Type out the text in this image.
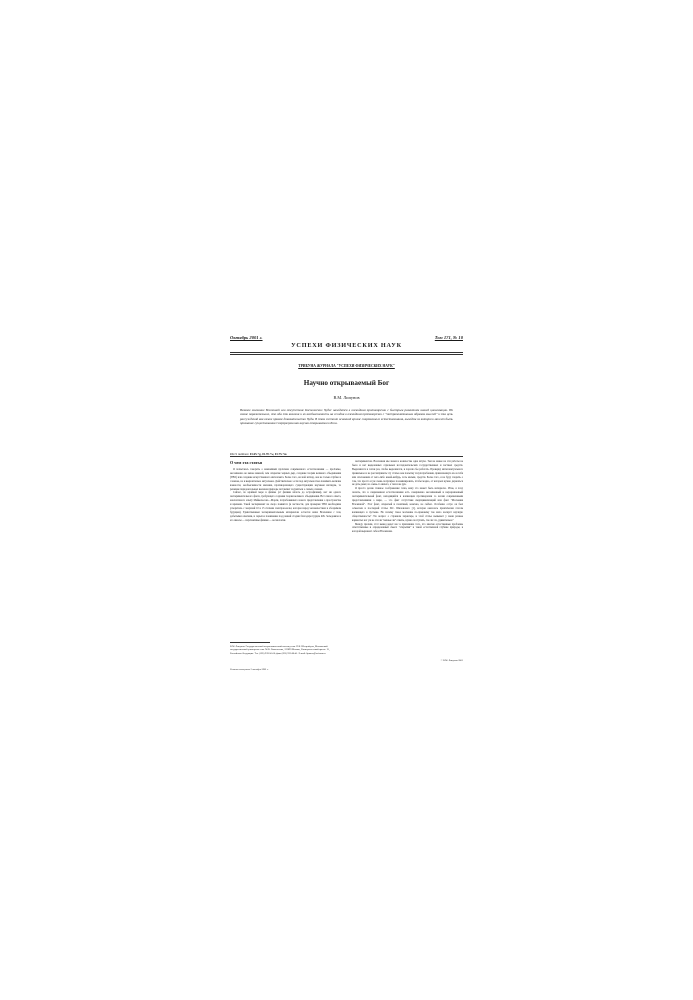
Октябрь 2001 г.
УСПЕХИ ФИЗИЧЕСКИХ НАУК
Том 171, № 10
ТРИБУНА ЖУРНАЛА "УСПЕХИ ФИЗИЧЕСКИХ НАУК"
Научно открываемый Бог
В.М. Липунов
Великое молчание Вселенной или отсутствие Космических Чудес находится в очевидном противоречии с быстрым развитием нашей цивилизации. Но самое поразительное, что оба эти явления и их необъяснимость на сегодня в очевидном противоречии с "экстраполятивным образом мыслей" и эта цепь рассуждений как самое прямое доказательство Чуда. В этом состоит основной кризис современного естествознания, выходом из которого может быть признание существования Сверхразума как научно открываемого Бога.
PACS numbers: 01.65.+g, 01.70.+w, 01.75.+m
О чем эта статья

Я попытаюсь говорить о важнейшей проблеме современного естествознания — проблеме, несомненно не менее важной, чем открытие черных дыр, создание теории великого объединения (ТВО) или создание искусственного интеллекта. Более того, на мой взгляд, она не только глубже и сложнее, но и выразительно актуальнее. Действительно: если под актуальностью понимать величие важности, необъяснимости явления, противоречащего существующим научным взглядам, то решение парадоксальных вызовов природы заставляет задуматься о самых основах.

Сейчас, по крайней мере в физике (от физики вплоть до астрофизики), нет ни одного экспериментального факта, требующего создания теории великого объединения. Нет самого опыта, аналогичного опыту Майкельсона—Морли, потребовавшего нового представления о пространстве и времени. Такой эксперимент не скоро появится (в частности, для проверки ТВО необходима ускоритель с энергией 10 в 15 степени электрон-вольт, которая перед человечеством в обозримом будущем). Единственным экспериментальным материалом остается наша Вселенная с тем, добытыми опытами, и скрытое понимание под ранней стадии благодаря трудам Я.Б. Зельдовича и его школы — перспективы физики — космологии.

В.М. Липунов. Государственный астрономический институт им. П.К. Штернберга, Московский государственный университет им. М.В. Ломоносова, 119899 Москва, Университетский просп. 13, Российская Федерация. Тел. (095) 939-50-06; факс (095) 932-88-41. E-mail: lipunov@sai.msu.ru
Статья поступила 3 октября 2001 г.

экспериментом. Вселенная мы знаем в количестве одна штука. Тем не менее на эти работы не было и нет выделенных отдельных исследовательских государственных и частных средств. Выделяются в сотни раз, чтобы выделяются, и хорошо бы работать. Проверку интеллектуального правильное и не рассматривать эту статью как попытку злоупотребления, привлеченную из-за тебя или отклонения от чего-либо какой-нибудь, хоть малым, средств. Более того, я не буду спорить о том, что просто и уж очень популярно полемизировать, чтобы модно, от которых нужно держаться не дать денег, но очень-то ничего, а там и же рук.

Я просто делаю главное соображение: тема, кому это может быть интересно. Итак, я хочу сказать, что в современном естествознании есть совершенно несомненный и неразрешенный экспериментальный факт, находящийся в вопиющем противоречии со всеми современными представлениями о мире, — это факт отсутствия сверхцивилизаций или факт "Молчания Вселенной". Этот факт, открытый и понятный, конечно, не сейчас. Особенно остро он был осмыслен в последней статье И.С. Шкловского [1], которая оказалась практически гласом вопиющего в пустыне. Но почему такое молчание по-прежнему так мало волнует научную общественность? Это вопрос о странном характере, и этой статье вызывает у меня разные варианты: вот уж не эти ли "вечные ли" ответы, нужно поступить, так ли это, удивительно?

Между прочим, этот вывод ведет нас к признанию того, что многие естественные проблемы ответственные и определенный смысл "открытия" в такой естественной глубине природы, в которой выражает себя и Вселенная.

© В.М. Липунов 2001
